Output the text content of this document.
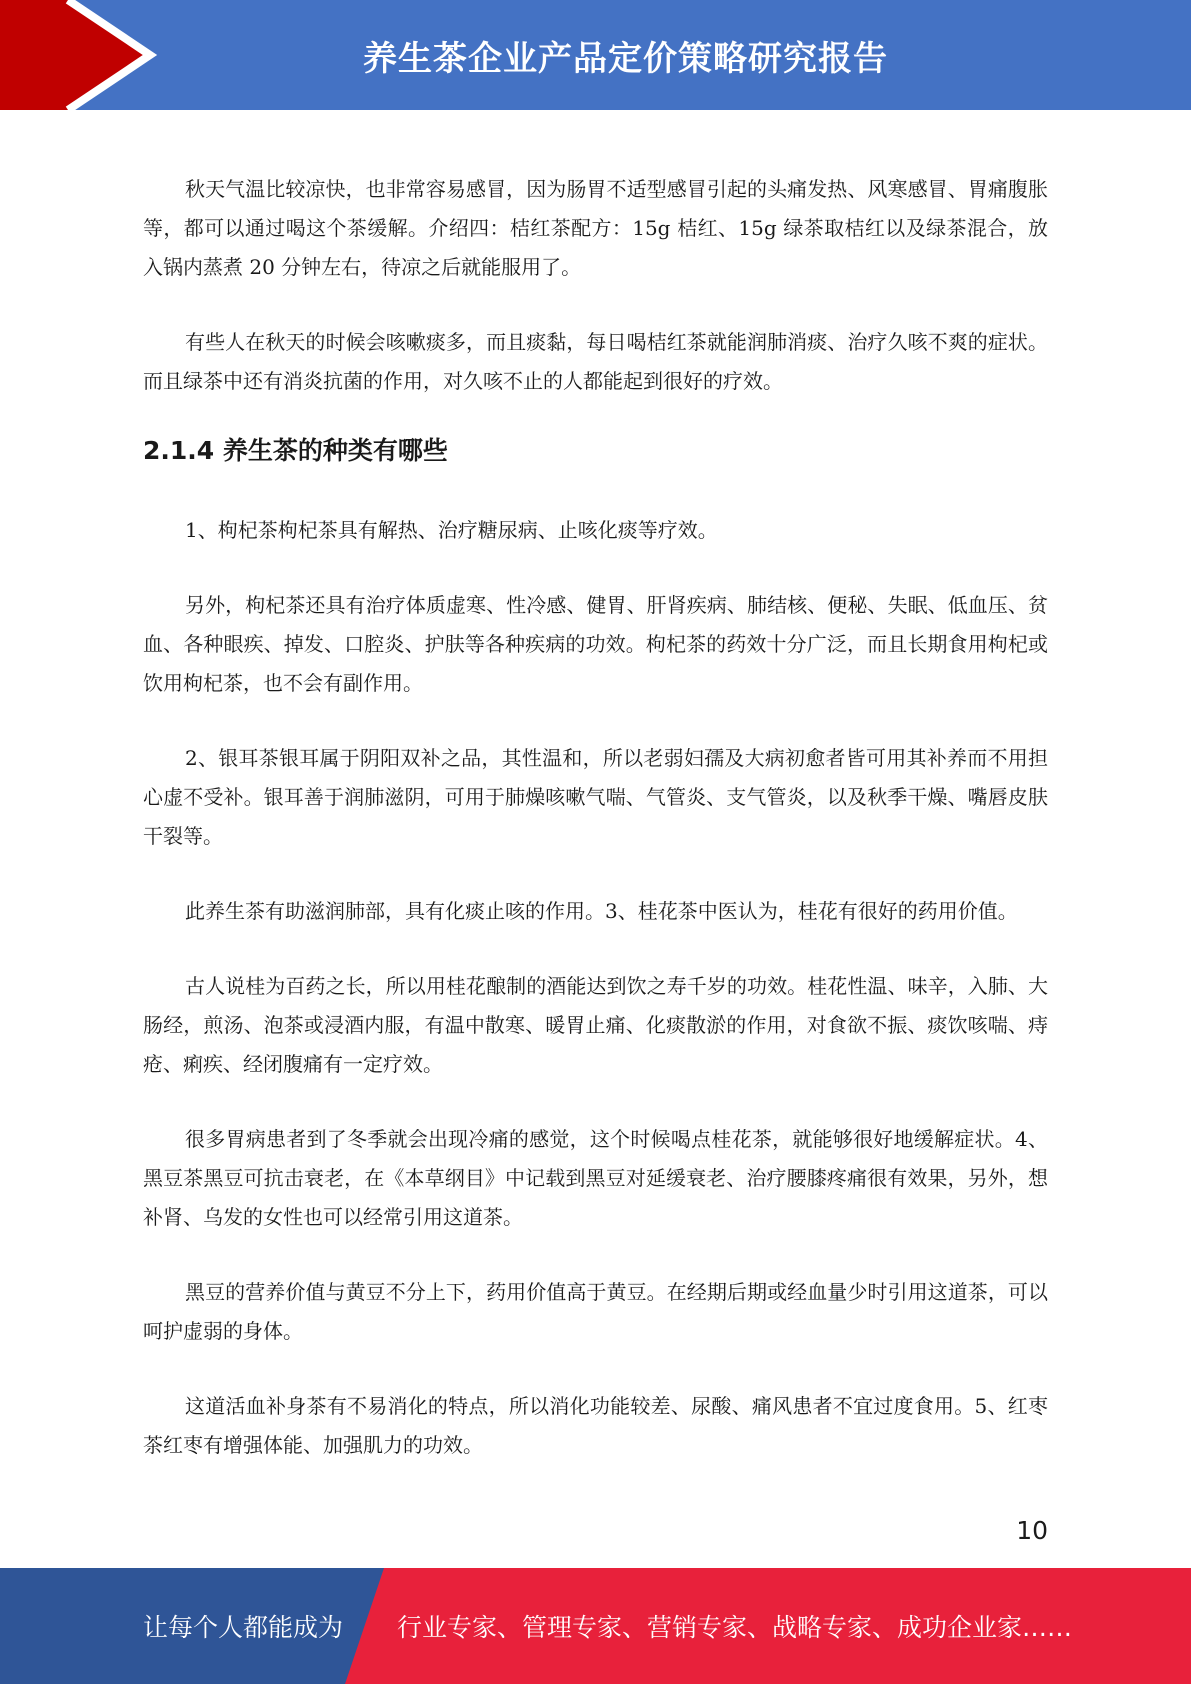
养生茶企业产品定价策略研究报告

秋天气温比较凉快，也非常容易感冒，因为肠胃不适型感冒引起的头痛发热、风寒感冒、胃痛腹胀等，都可以通过喝这个茶缓解。介绍四：桔红茶配方：15g 桔红、15g 绿茶取桔红以及绿茶混合，放入锅内蒸煮 20 分钟左右，待凉之后就能服用了。

有些人在秋天的时候会咳嗽痰多，而且痰黏，每日喝桔红茶就能润肺消痰、治疗久咳不爽的症状。而且绿茶中还有消炎抗菌的作用，对久咳不止的人都能起到很好的疗效。

2.1.4 养生茶的种类有哪些

1、枸杞茶枸杞茶具有解热、治疗糖尿病、止咳化痰等疗效。

另外，枸杞茶还具有治疗体质虚寒、性冷感、健胃、肝肾疾病、肺结核、便秘、失眠、低血压、贫血、各种眼疾、掉发、口腔炎、护肤等各种疾病的功效。枸杞茶的药效十分广泛，而且长期食用枸杞或饮用枸杞茶，也不会有副作用。

2、银耳茶银耳属于阴阳双补之品，其性温和，所以老弱妇孺及大病初愈者皆可用其补养而不用担心虚不受补。银耳善于润肺滋阴，可用于肺燥咳嗽气喘、气管炎、支气管炎，以及秋季干燥、嘴唇皮肤干裂等。

此养生茶有助滋润肺部，具有化痰止咳的作用。3、桂花茶中医认为，桂花有很好的药用价值。

古人说桂为百药之长，所以用桂花酿制的酒能达到饮之寿千岁的功效。桂花性温、味辛，入肺、大肠经，煎汤、泡茶或浸酒内服，有温中散寒、暖胃止痛、化痰散淤的作用，对食欲不振、痰饮咳喘、痔疮、痢疾、经闭腹痛有一定疗效。

很多胃病患者到了冬季就会出现冷痛的感觉，这个时候喝点桂花茶，就能够很好地缓解症状。4、黑豆茶黑豆可抗击衰老，在《本草纲目》中记载到黑豆对延缓衰老、治疗腰膝疼痛很有效果，另外，想补肾、乌发的女性也可以经常引用这道茶。

黑豆的营养价值与黄豆不分上下，药用价值高于黄豆。在经期后期或经血量少时引用这道茶，可以呵护虚弱的身体。

这道活血补身茶有不易消化的特点，所以消化功能较差、尿酸、痛风患者不宜过度食用。5、红枣茶红枣有增强体能、加强肌力的功效。

10
让每个人都能成为 行业专家、管理专家、营销专家、战略专家、成功企业家……
